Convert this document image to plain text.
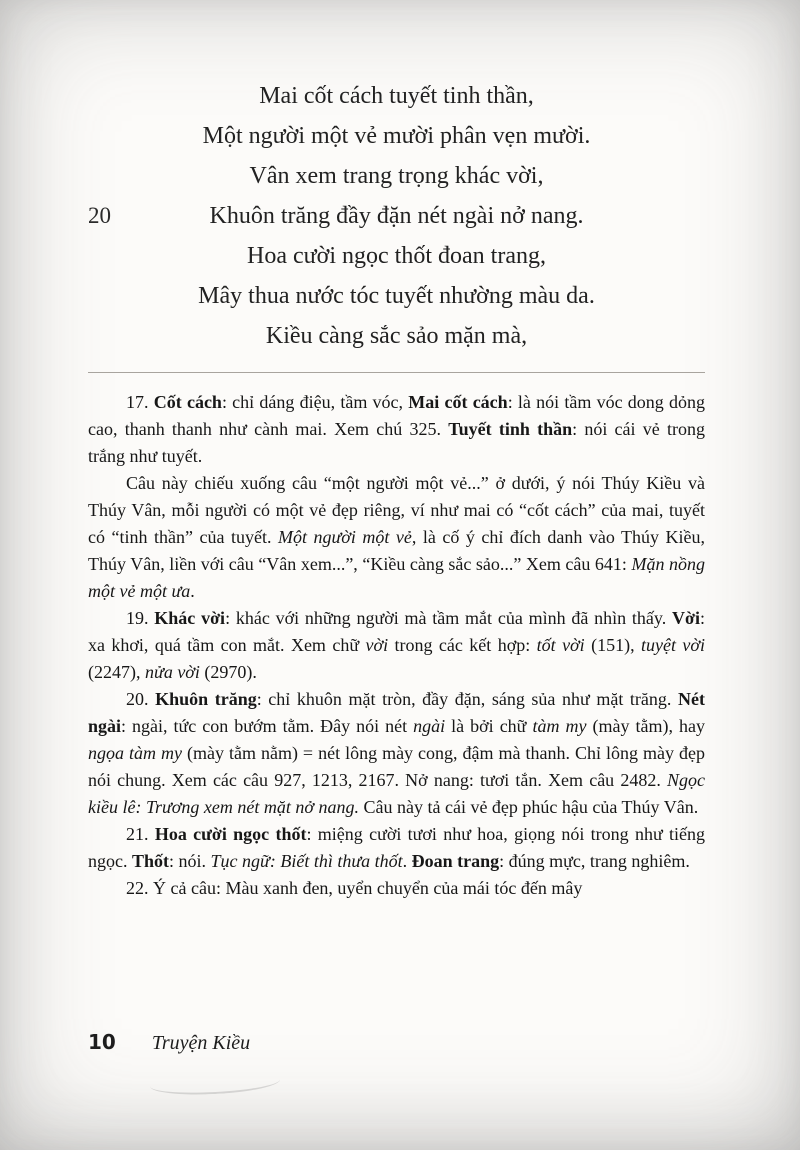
Mai cốt cách tuyết tinh thần,
Một người một vẻ mười phân vẹn mười.
Vân xem trang trọng khác vời,
20	Khuôn trăng đầy đặn nét ngài nở nang.
Hoa cười ngọc thốt đoan trang,
Mây thua nước tóc tuyết nhường màu da.
Kiều càng sắc sảo mặn mà,

17. Cốt cách: chỉ dáng điệu, tầm vóc, Mai cốt cách: là nói tầm vóc dong dỏng cao, thanh thanh như cành mai. Xem chú 325. Tuyết tinh thần: nói cái vẻ trong trắng như tuyết.

Câu này chiếu xuống câu “một người một vẻ...” ở dưới, ý nói Thúy Kiều và Thúy Vân, mỗi người có một vẻ đẹp riêng, ví như mai có “cốt cách” của mai, tuyết có “tinh thần” của tuyết. Một người một vẻ, là cố ý chỉ đích danh vào Thúy Kiều, Thúy Vân, liền với câu “Vân xem...”, “Kiều càng sắc sảo...” Xem câu 641: Mặn nồng một vẻ một ưa.

19. Khác vời: khác với những người mà tầm mắt của mình đã nhìn thấy. Vời: xa khơi, quá tầm con mắt. Xem chữ vời trong các kết hợp: tốt vời (151), tuyệt vời (2247), nửa vời (2970).

20. Khuôn trăng: chỉ khuôn mặt tròn, đầy đặn, sáng sủa như mặt trăng. Nét ngài: ngài, tức con bướm tằm. Đây nói nét ngài là bởi chữ tàm my (mày tằm), hay ngọa tàm my (mày tằm nằm) = nét lông mày cong, đậm mà thanh. Chỉ lông mày đẹp nói chung. Xem các câu 927, 1213, 2167. Nở nang: tươi tắn. Xem câu 2482. Ngọc kiều lê: Trương xem nét mặt nở nang. Câu này tả cái vẻ đẹp phúc hậu của Thúy Vân.

21. Hoa cười ngọc thốt: miệng cười tươi như hoa, giọng nói trong như tiếng ngọc. Thốt: nói. Tục ngữ: Biết thì thưa thốt. Đoan trang: đúng mực, trang nghiêm.

22. Ý cả câu: Màu xanh đen, uyển chuyển của mái tóc đến mây

10 Truyện Kiều
